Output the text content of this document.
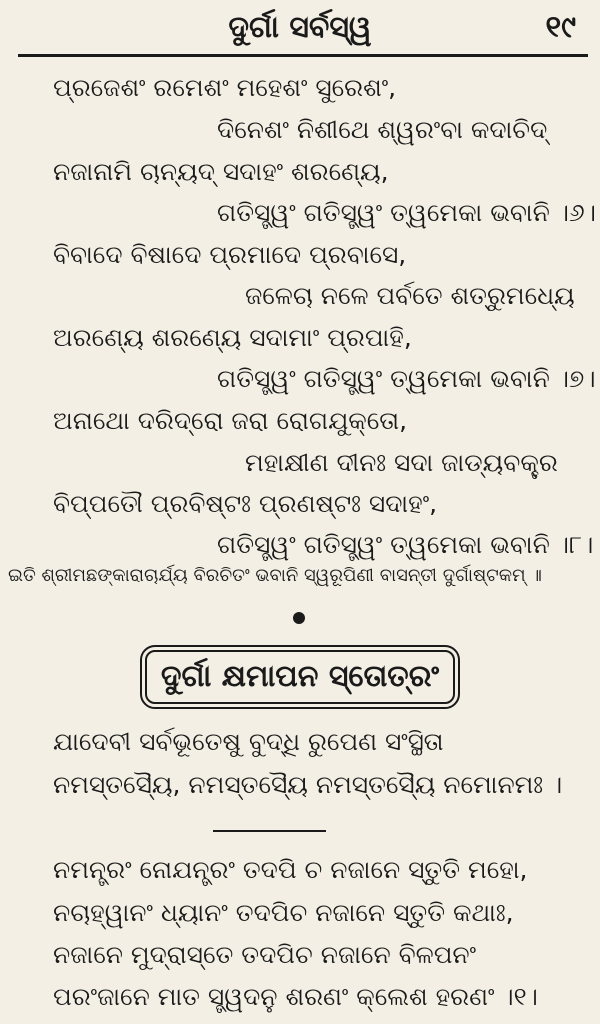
ଦୁର୍ଗା ସର୍ବସ୍ୱ	୧୯
ପ୍ରଜେଶଂ ରମେଶଂ ମହେଶଂ ସୁରେଶଂ,
ଦିନେଶଂ ନିଶୀଥେ ଶ୍ୱରଂବା କଦାଚିଦ୍
ନଜାନାମି ଚାନ୍ୟଦ୍ ସଦାହଂ ଶରଣ୍ୟେ,
ଗତିସ୍ତ୍ୱଂ ଗତିସ୍ତ୍ୱଂ ତ୍ୱମେକା ଭବାନି ।୬।
ବିବାଦେ ବିଷାଦେ ପ୍ରମାଦେ ପ୍ରବାସେ,
ଜଳେଚା ନଳେ ପର୍ବତେ ଶତ୍ରୁମଧ୍ୟେ
ଅରଣ୍ୟେ ଶରଣ୍ୟେ ସଦାମାଂ ପ୍ରପାହି,
ଗତିସ୍ତ୍ୱଂ ଗତିସ୍ତ୍ୱଂ ତ୍ୱମେକା ଭବାନି ।୭।
ଅନାଥୋ ଦରିଦ୍ରୋ ଜରା ରୋଗଯୁକ୍ତୋ,
ମହାକ୍ଷୀଣ ଦୀନଃ ସଦା ଜାଡ୍ୟବକ୍ତ୍ର
ବିପ୍ପତୌ ପ୍ରବିଷ୍ଟଃ ପ୍ରଣଷ୍ଟଃ ସଦାହଂ,
ଗତିସ୍ତ୍ୱଂ ଗତିସ୍ତ୍ୱଂ ତ୍ୱମେକା ଭବାନି ।୮।
ଇତି ଶ୍ରୀମଛଙ୍କାରାଚାର୍ଯ୍ୟ ବିରଚିତଂ ଭବାନି ସ୍ୱରୂପିଣୀ ବାସନ୍ତୀ ଦୁର୍ଗାଷ୍ଟକମ୍ ॥
ଦୁର୍ଗା କ୍ଷମାପନ ସ୍ତୋତ୍ରଂ
ଯାଦେବୀ ସର୍ବଭୂତେଷୁ ବୁଦ୍ଧି ରୁପେଣ ସଂସ୍ଥିତା
ନମସ୍ତସ୍ୟୈ, ନମସ୍ତସ୍ୟୈ ନମସ୍ତସ୍ୟୈ ନମୋନମଃ ।
ନମନ୍ତ୍ରଂ ନୋଯନ୍ତ୍ରଂ ତଦପି ଚ ନଜାନେ ସ୍ତୁତି ମହୋ,
ନଚାହ୍ୱାନଂ ଧ୍ୟାନଂ ତଦପିଚ ନଜାନେ ସ୍ତୁତି କଥାଃ,
ନଜାନେ ମୁଦ୍ରାସ୍ତେ ତଦପିଚ ନଜାନେ ବିଳପନଂ
ପରଂଜାନେ ମାତ ସ୍ତ୍ୱଦନୁ ଶରଣଂ କ୍ଲେଶ ହରଣଂ ।୧।
